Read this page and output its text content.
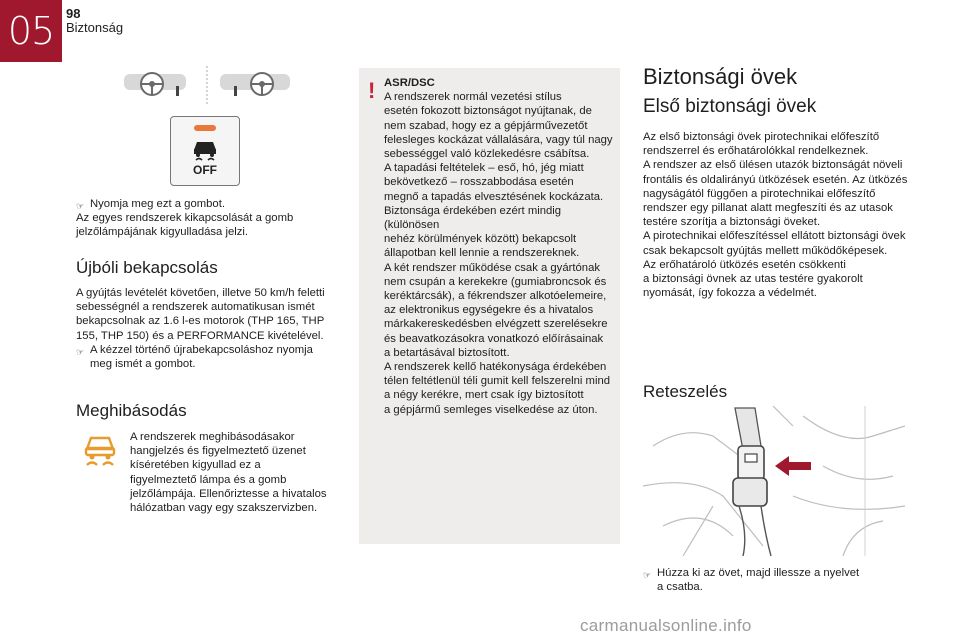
05 98
Biztonság
OFF
☞ Nyomja meg ezt a gombot.
Az egyes rendszerek kikapcsolását a gomb jelzőlámpájának kigyulladása jelzi.
Újbóli bekapcsolás
A gyújtás levételét követően, illetve 50 km/h feletti sebességnél a rendszerek automatikusan ismét bekapcsolnak az 1.6 l-es motorok (THP 165, THP 155, THP 150) és a PERFORMANCE kivételével.
☞ A kézzel történő újrabekapcsoláshoz nyomja meg ismét a gombot.
Meghibásodás
A rendszerek meghibásodásakor hangjelzés és figyelmeztető üzenet kíséretében kigyullad ez a figyelmeztető lámpa és a gomb jelzőlámpája. Ellenőriztesse a hivatalos hálózatban vagy egy szakszervizben.
! ASR/DSC

A rendszerek normál vezetési stílus

esetén fokozott biztonságot nyújtanak, de

nem szabad, hogy ez a gépjárművezetőt

felesleges kockázat vállalására, vagy túl nagy

sebességgel való közlekedésre csábítsa.

A tapadási feltételek – eső, hó, jég miatt

bekövetkező – rosszabbodása esetén

megnő a tapadás elvesztésének kockázata.

Biztonsága érdekében ezért mindig (különösen

nehéz körülmények között) bekapcsolt

állapotban kell lennie a rendszereknek.

A két rendszer működése csak a gyártónak

nem csupán a kerekekre (gumiabroncsok és

keréktárcsák), a fékrendszer alkotóelemeire,

az elektronikus egységekre és a hivatalos

márkakereskedésben elvégzett szerelésekre

és beavatkozásokra vonatkozó előírásainak

a betartásával biztosított.

A rendszerek kellő hatékonysága érdekében

télen feltétlenül téli gumit kell felszerelni mind

a négy kerékre, mert csak így biztosított

a gépjármű semleges viselkedése az úton.

Biztonsági övek
Első biztonsági övek

Az első biztonsági övek pirotechnikai előfeszítő

rendszerrel és erőhatárolókkal rendelkeznek.

A rendszer az első ülésen utazók biztonságát növeli

frontális és oldalirányú ütközések esetén. Az ütközés

nagyságától függően a pirotechnikai előfeszítő

rendszer egy pillanat alatt megfeszíti és az utasok

testére szorítja a biztonsági öveket.

A pirotechnikai előfeszítéssel ellátott biztonsági övek

csak bekapcsolt gyújtás mellett működőképesek.

Az erőhatároló ütközés esetén csökkenti

a biztonsági övnek az utas testére gyakorolt

nyomását, így fokozza a védelmét.

Reteszelés
☞ Húzza ki az övet, majd illessze a nyelvet

a csatba.

carmanualsonline.info
